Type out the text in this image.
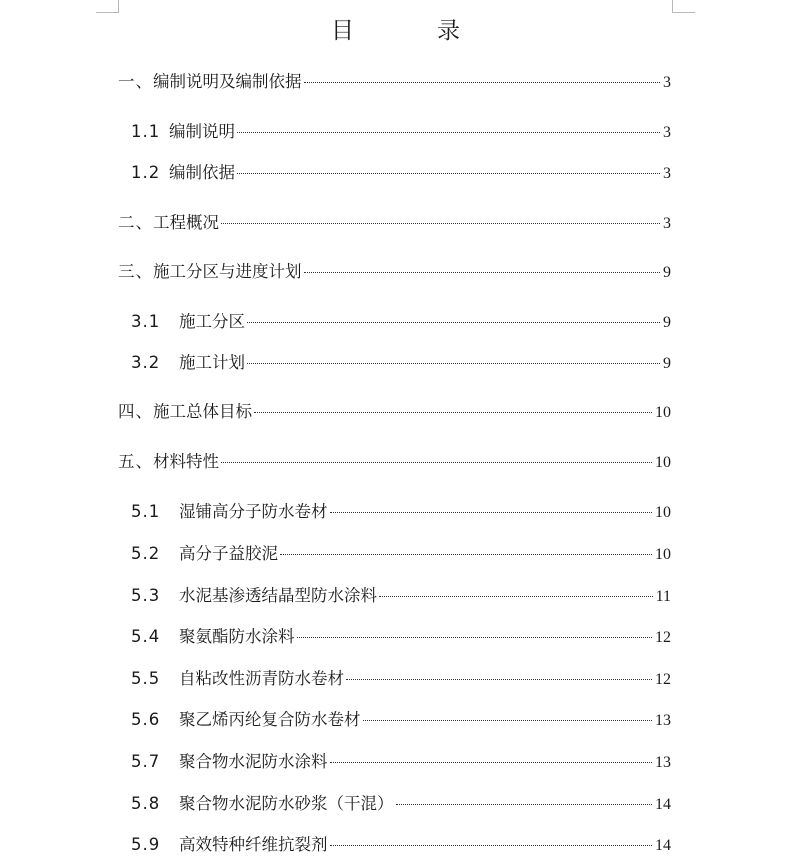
目　录
一、 编制说明及编制依据	3
1.1 编制说明	3
1.2 编制依据	3
二、 工程概况	3
三、 施工分区与进度计划	9
3.1	施工分区	9
3.2	施工计划	9
四、 施工总体目标	10
五、 材料特性	10
5.1	湿铺高分子防水卷材	10
5.2	高分子益胶泥	10
5.3	水泥基渗透结晶型防水涂料	11
5.4	聚氨酯防水涂料	12
5.5	自粘改性沥青防水卷材	12
5.6	聚乙烯丙纶复合防水卷材	13
5.7	聚合物水泥防水涂料	13
5.8	聚合物水泥防水砂浆（干混）	14
5.9	高效特种纤维抗裂剂	14
